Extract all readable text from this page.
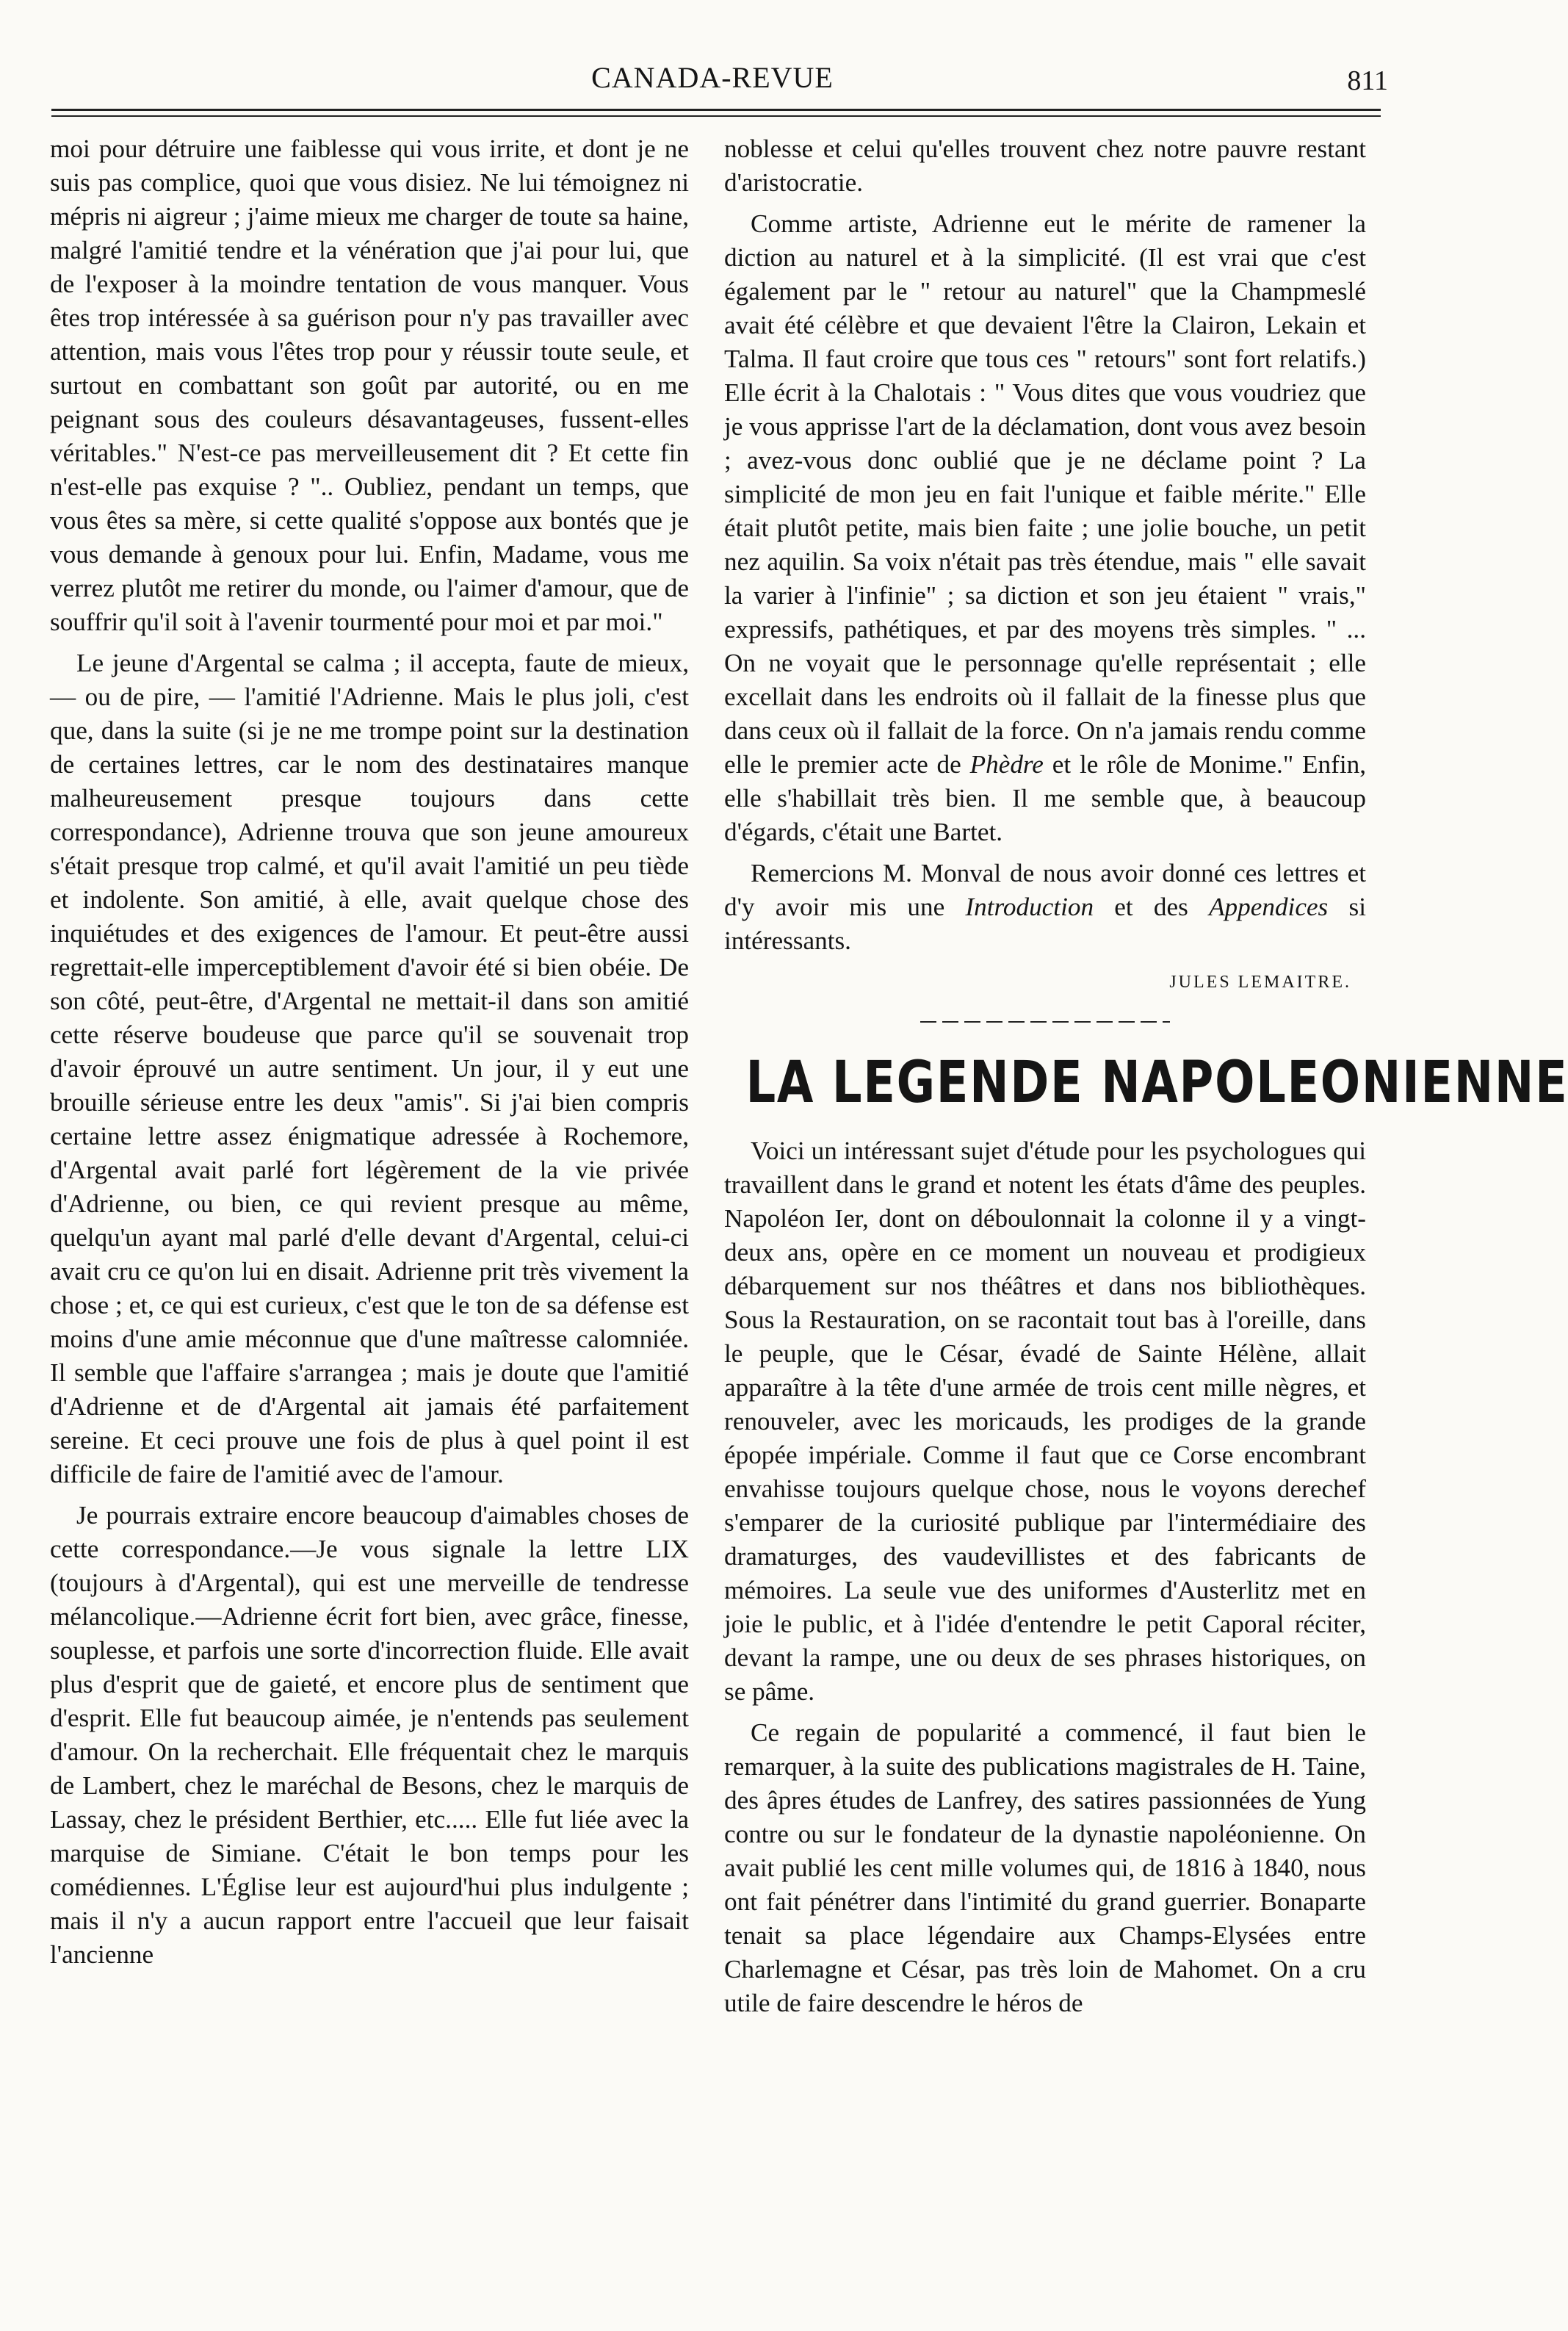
CANADA-REVUE	811

moi pour détruire une faiblesse qui vous irrite, et dont je ne suis pas complice, quoi que vous disiez. Ne lui témoignez ni mépris ni aigreur ; j'aime mieux me charger de toute sa haine, malgré l'amitié tendre et la vénération que j'ai pour lui, que de l'exposer à la moindre tentation de vous manquer. Vous êtes trop intéressée à sa guérison pour n'y pas travailler avec attention, mais vous l'êtes trop pour y réussir toute seule, et surtout en combattant son goût par autorité, ou en me peignant sous des couleurs désavantageuses, fussent-elles véritables." N'est-ce pas merveilleusement dit ? Et cette fin n'est-elle pas exquise ? ".. Oubliez, pendant un temps, que vous êtes sa mère, si cette qualité s'oppose aux bontés que je vous demande à genoux pour lui. Enfin, Madame, vous me verrez plutôt me retirer du monde, ou l'aimer d'amour, que de souffrir qu'il soit à l'avenir tourmenté pour moi et par moi."

Le jeune d'Argental se calma ; il accepta, faute de mieux, — ou de pire, — l'amitié l'Adrienne. Mais le plus joli, c'est que, dans la suite (si je ne me trompe point sur la destination de certaines lettres, car le nom des destinataires manque malheureusement presque toujours dans cette correspondance), Adrienne trouva que son jeune amoureux s'était presque trop calmé, et qu'il avait l'amitié un peu tiède et indolente. Son amitié, à elle, avait quelque chose des inquiétudes et des exigences de l'amour. Et peut-être aussi regrettait-elle imperceptiblement d'avoir été si bien obéie. De son côté, peut-être, d'Argental ne mettait-il dans son amitié cette réserve boudeuse que parce qu'il se souvenait trop d'avoir éprouvé un autre sentiment. Un jour, il y eut une brouille sérieuse entre les deux "amis". Si j'ai bien compris certaine lettre assez énigmatique adressée à Rochemore, d'Argental avait parlé fort légèrement de la vie privée d'Adrienne, ou bien, ce qui revient presque au même, quelqu'un ayant mal parlé d'elle devant d'Argental, celui-ci avait cru ce qu'on lui en disait. Adrienne prit très vivement la chose ; et, ce qui est curieux, c'est que le ton de sa défense est moins d'une amie méconnue que d'une maîtresse calomniée. Il semble que l'affaire s'arrangea ; mais je doute que l'amitié d'Adrienne et de d'Argental ait jamais été parfaitement sereine. Et ceci prouve une fois de plus à quel point il est difficile de faire de l'amitié avec de l'amour.

Je pourrais extraire encore beaucoup d'aimables choses de cette correspondance.—Je vous signale la lettre LIX (toujours à d'Argental), qui est une merveille de tendresse mélancolique.—Adrienne écrit fort bien, avec grâce, finesse, souplesse, et parfois une sorte d'incorrection fluide. Elle avait plus d'esprit que de gaieté, et encore plus de sentiment que d'esprit. Elle fut beaucoup aimée, je n'entends pas seulement d'amour. On la recherchait. Elle fréquentait chez le marquis de Lambert, chez le maréchal de Besons, chez le marquis de Lassay, chez le président Berthier, etc..... Elle fut liée avec la marquise de Simiane. C'était le bon temps pour les comédiennes. L'Église leur est aujourd'hui plus indulgente ; mais il n'y a aucun rapport entre l'accueil que leur faisait l'ancienne

noblesse et celui qu'elles trouvent chez notre pauvre restant d'aristocratie.

Comme artiste, Adrienne eut le mérite de ramener la diction au naturel et à la simplicité. (Il est vrai que c'est également par le " retour au naturel" que la Champmeslé avait été célèbre et que devaient l'être la Clairon, Lekain et Talma. Il faut croire que tous ces " retours" sont fort relatifs.) Elle écrit à la Chalotais : " Vous dites que vous voudriez que je vous apprisse l'art de la déclamation, dont vous avez besoin ; avez-vous donc oublié que je ne déclame point ? La simplicité de mon jeu en fait l'unique et faible mérite." Elle était plutôt petite, mais bien faite ; une jolie bouche, un petit nez aquilin. Sa voix n'était pas très étendue, mais " elle savait la varier à l'infinie" ; sa diction et son jeu étaient " vrais," expressifs, pathétiques, et par des moyens très simples. " ... On ne voyait que le personnage qu'elle représentait ; elle excellait dans les endroits où il fallait de la finesse plus que dans ceux où il fallait de la force. On n'a jamais rendu comme elle le premier acte de Phèdre et le rôle de Monime." Enfin, elle s'habillait très bien. Il me semble que, à beaucoup d'égards, c'était une Bartet.

Remercions M. Monval de nous avoir donné ces lettres et d'y avoir mis une Introduction et des Appendices si intéressants.

JULES LEMAITRE.
LA LEGENDE NAPOLEONIENNE

Voici un intéressant sujet d'étude pour les psychologues qui travaillent dans le grand et notent les états d'âme des peuples. Napoléon Ier, dont on déboulonnait la colonne il y a vingt-deux ans, opère en ce moment un nouveau et prodigieux débarquement sur nos théâtres et dans nos bibliothèques. Sous la Restauration, on se racontait tout bas à l'oreille, dans le peuple, que le César, évadé de Sainte Hélène, allait apparaître à la tête d'une armée de trois cent mille nègres, et renouveler, avec les moricauds, les prodiges de la grande épopée impériale. Comme il faut que ce Corse encombrant envahisse toujours quelque chose, nous le voyons derechef s'emparer de la curiosité publique par l'intermédiaire des dramaturges, des vaudevillistes et des fabricants de mémoires. La seule vue des uniformes d'Austerlitz met en joie le public, et à l'idée d'entendre le petit Caporal réciter, devant la rampe, une ou deux de ses phrases historiques, on se pâme.

Ce regain de popularité a commencé, il faut bien le remarquer, à la suite des publications magistrales de H. Taine, des âpres études de Lanfrey, des satires passionnées de Yung contre ou sur le fondateur de la dynastie napoléonienne. On avait publié les cent mille volumes qui, de 1816 à 1840, nous ont fait pénétrer dans l'intimité du grand guerrier. Bonaparte tenait sa place légendaire aux Champs-Elysées entre Charlemagne et César, pas très loin de Mahomet. On a cru utile de faire descendre le héros de
